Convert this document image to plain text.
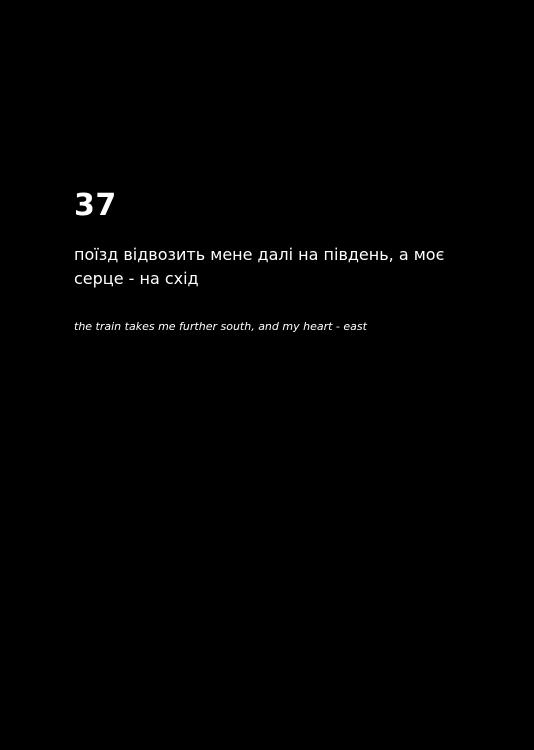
37

поїзд відвозить мене далі на південь, а моє
серце - на схід

the train takes me further south, and my heart - east
